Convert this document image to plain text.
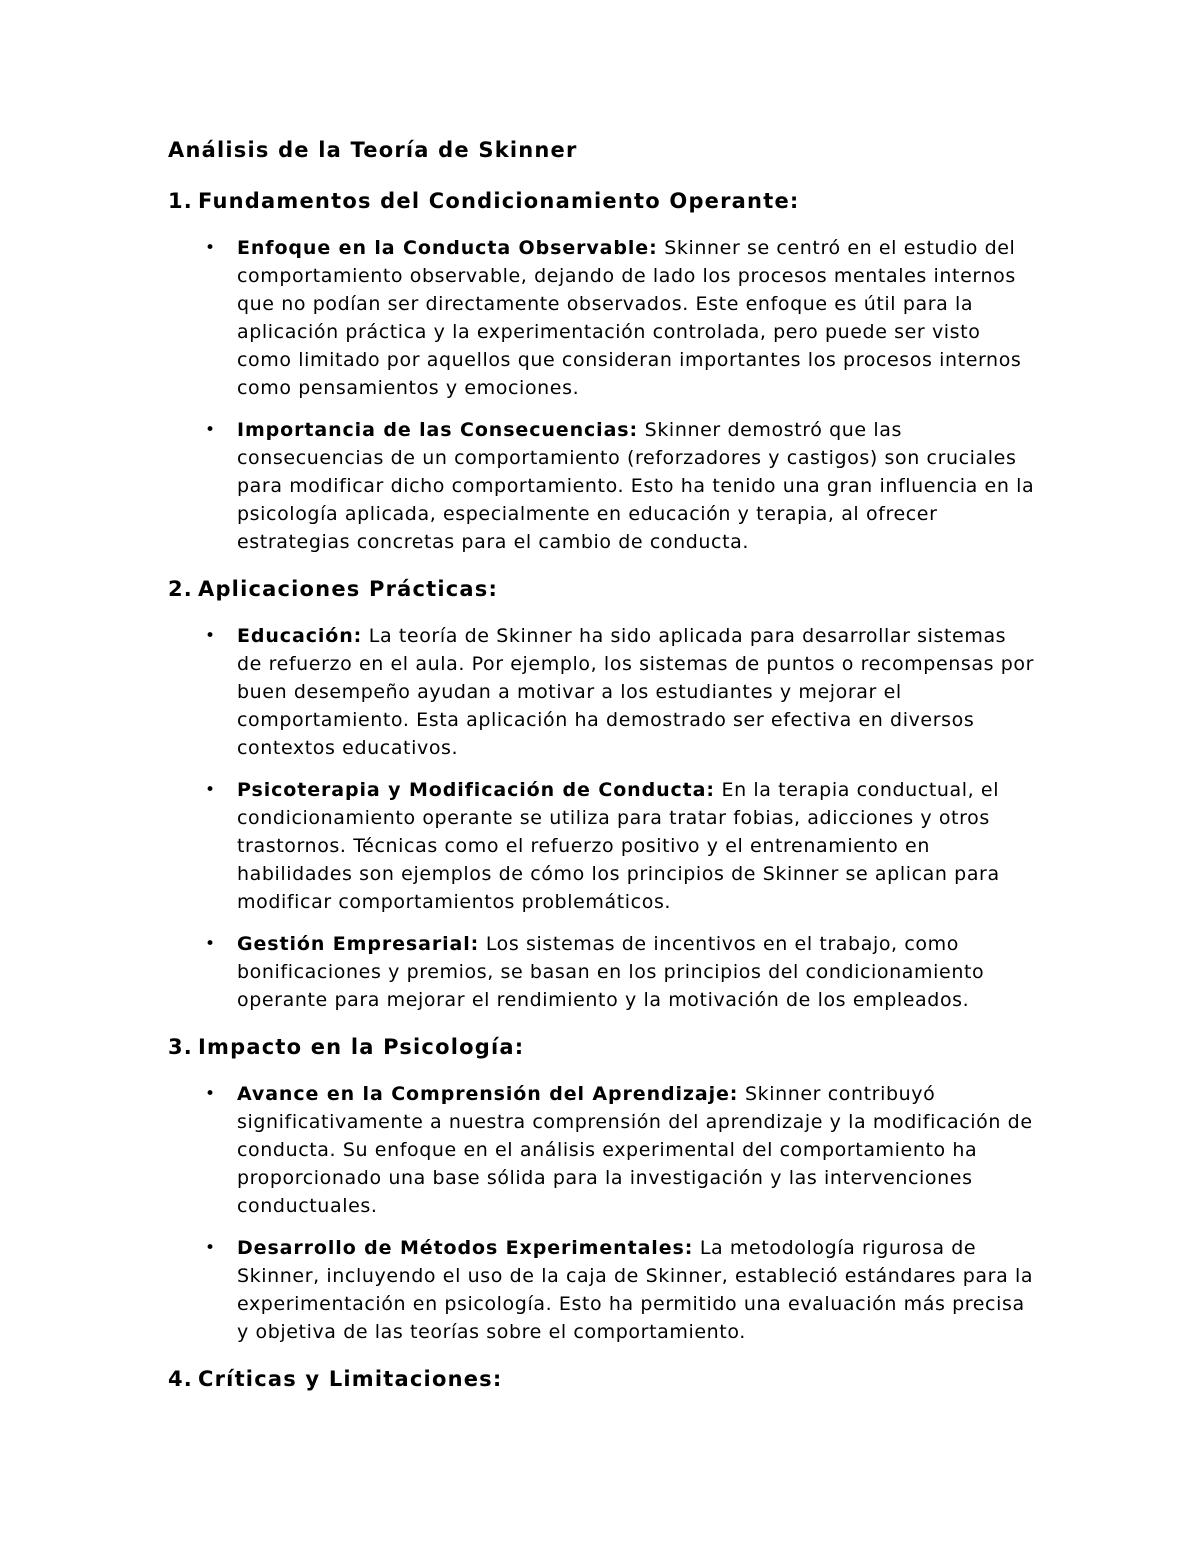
Análisis de la Teoría de Skinner
1. Fundamentos del Condicionamiento Operante:
•	Enfoque en la Conducta Observable: Skinner se centró en el estudio del comportamiento observable, dejando de lado los procesos mentales internos que no podían ser directamente observados. Este enfoque es útil para la aplicación práctica y la experimentación controlada, pero puede ser visto como limitado por aquellos que consideran importantes los procesos internos como pensamientos y emociones.
•	Importancia de las Consecuencias: Skinner demostró que las consecuencias de un comportamiento (reforzadores y castigos) son cruciales para modificar dicho comportamiento. Esto ha tenido una gran influencia en la psicología aplicada, especialmente en educación y terapia, al ofrecer estrategias concretas para el cambio de conducta.
2. Aplicaciones Prácticas:
•	Educación: La teoría de Skinner ha sido aplicada para desarrollar sistemas de refuerzo en el aula. Por ejemplo, los sistemas de puntos o recompensas por buen desempeño ayudan a motivar a los estudiantes y mejorar el comportamiento. Esta aplicación ha demostrado ser efectiva en diversos contextos educativos.
•	Psicoterapia y Modificación de Conducta: En la terapia conductual, el condicionamiento operante se utiliza para tratar fobias, adicciones y otros trastornos. Técnicas como el refuerzo positivo y el entrenamiento en habilidades son ejemplos de cómo los principios de Skinner se aplican para modificar comportamientos problemáticos.
•	Gestión Empresarial: Los sistemas de incentivos en el trabajo, como bonificaciones y premios, se basan en los principios del condicionamiento operante para mejorar el rendimiento y la motivación de los empleados.
3. Impacto en la Psicología:
•	Avance en la Comprensión del Aprendizaje: Skinner contribuyó significativamente a nuestra comprensión del aprendizaje y la modificación de conducta. Su enfoque en el análisis experimental del comportamiento ha proporcionado una base sólida para la investigación y las intervenciones conductuales.
•	Desarrollo de Métodos Experimentales: La metodología rigurosa de Skinner, incluyendo el uso de la caja de Skinner, estableció estándares para la experimentación en psicología. Esto ha permitido una evaluación más precisa y objetiva de las teorías sobre el comportamiento.
4. Críticas y Limitaciones:
